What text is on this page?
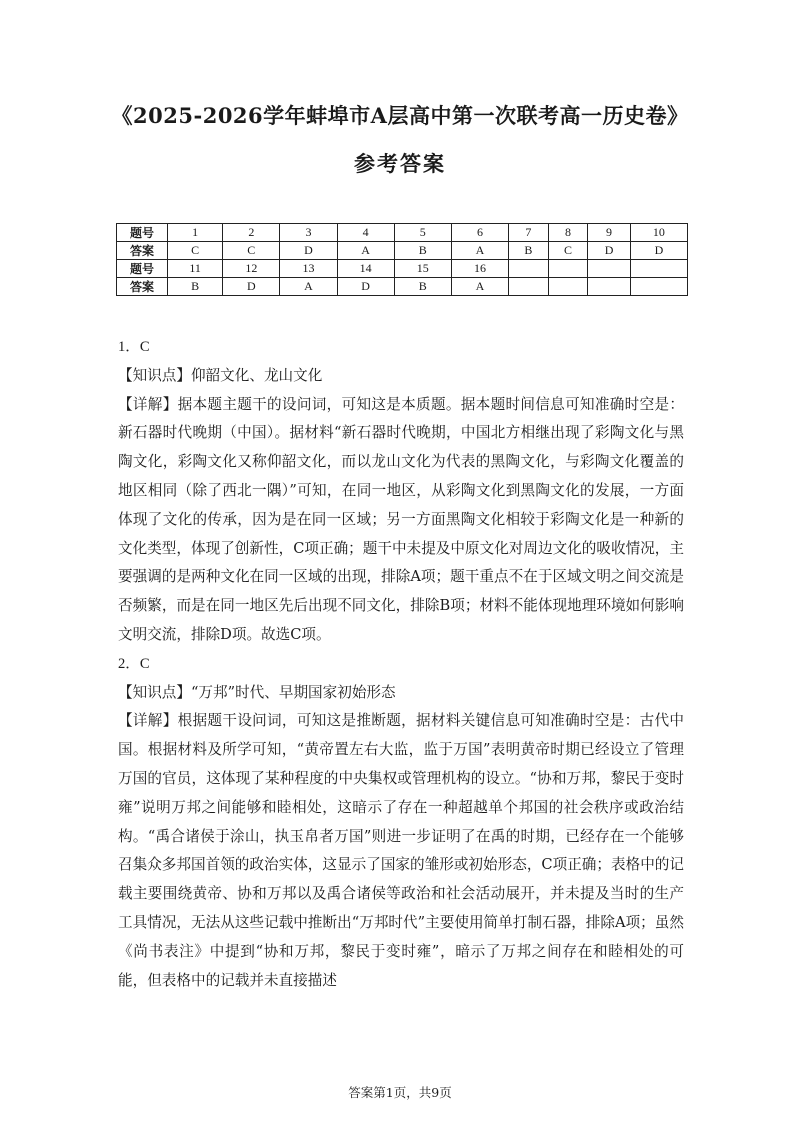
《2025-2026学年蚌埠市A层高中第一次联考高一历史卷》
参考答案
题号	1	2	3	4	5	6	7	8	9	10
答案	C	C	D	A	B	A	B	C	D	D
题号	11	12	13	14	15	16				
答案	B	D	A	D	B	A				

1．C

【知识点】仰韶文化、龙山文化

【详解】据本题主题干的设问词，可知这是本质题。据本题时间信息可知准确时空是：新石器时代晚期（中国）。据材料“新石器时代晚期，中国北方相继出现了彩陶文化与黑陶文化，彩陶文化又称仰韶文化，而以龙山文化为代表的黑陶文化，与彩陶文化覆盖的地区相同（除了西北一隅）”可知，在同一地区，从彩陶文化到黑陶文化的发展，一方面体现了文化的传承，因为是在同一区域；另一方面黑陶文化相较于彩陶文化是一种新的文化类型，体现了创新性，C项正确；题干中未提及中原文化对周边文化的吸收情况，主要强调的是两种文化在同一区域的出现，排除A项；题干重点不在于区域文明之间交流是否频繁，而是在同一地区先后出现不同文化，排除B项；材料不能体现地理环境如何影响文明交流，排除D项。故选C项。

2．C

【知识点】“万邦”时代、早期国家初始形态

【详解】根据题干设问词，可知这是推断题，据材料关键信息可知准确时空是：古代中国。根据材料及所学可知，“黄帝置左右大监，监于万国”表明黄帝时期已经设立了管理万国的官员，这体现了某种程度的中央集权或管理机构的设立。“协和万邦，黎民于变时雍”说明万邦之间能够和睦相处，这暗示了存在一种超越单个邦国的社会秩序或政治结构。“禹合诸侯于涂山，执玉帛者万国”则进一步证明了在禹的时期，已经存在一个能够召集众多邦国首领的政治实体，这显示了国家的雏形或初始形态，C项正确；表格中的记载主要围绕黄帝、协和万邦以及禹合诸侯等政治和社会活动展开，并未提及当时的生产工具情况，无法从这些记载中推断出“万邦时代”主要使用简单打制石器，排除A项；虽然《尚书表注》中提到“协和万邦，黎民于变时雍”，暗示了万邦之间存在和睦相处的可能，但表格中的记载并未直接描述

答案第1页，共9页
